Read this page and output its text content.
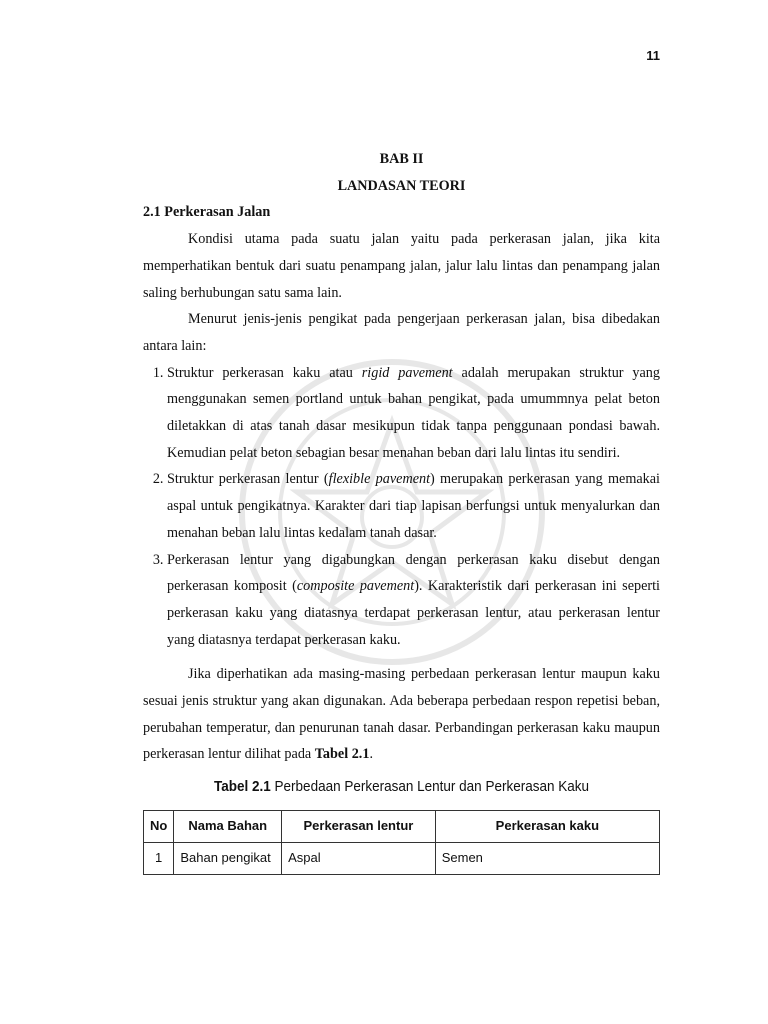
11
BAB II
LANDASAN TEORI
2.1 Perkerasan Jalan

Kondisi utama pada suatu jalan yaitu pada perkerasan jalan, jika kita memperhatikan bentuk dari suatu penampang jalan, jalur lalu lintas dan penampang jalan saling berhubungan satu sama lain.

Menurut jenis-jenis pengikat pada pengerjaan perkerasan jalan, bisa dibedakan antara lain:

1. Struktur perkerasan kaku atau rigid pavement adalah merupakan struktur yang menggunakan semen portland untuk bahan pengikat, pada umummnya pelat beton diletakkan di atas tanah dasar mesikupun tidak tanpa penggunaan pondasi bawah. Kemudian pelat beton sebagian besar menahan beban dari lalu lintas itu sendiri.
2. Struktur perkerasan lentur (flexible pavement) merupakan perkerasan yang memakai aspal untuk pengikatnya. Karakter dari tiap lapisan berfungsi untuk menyalurkan dan menahan beban lalu lintas kedalam tanah dasar.
3. Perkerasan lentur yang digabungkan dengan perkerasan kaku disebut dengan perkerasan komposit (composite pavement). Karakteristik dari perkerasan ini seperti perkerasan kaku yang diatasnya terdapat perkerasan lentur, atau perkerasan lentur yang diatasnya terdapat perkerasan kaku.

Jika diperhatikan ada masing-masing perbedaan perkerasan lentur maupun kaku sesuai jenis struktur yang akan digunakan. Ada beberapa perbedaan respon repetisi beban, perubahan temperatur, dan penurunan tanah dasar. Perbandingan perkerasan kaku maupun perkerasan lentur dilihat pada Tabel 2.1.

Tabel 2.1 Perbedaan Perkerasan Lentur dan Perkerasan Kaku
No	Nama Bahan	Perkerasan lentur	Perkerasan kaku
1	Bahan pengikat	Aspal	Semen
